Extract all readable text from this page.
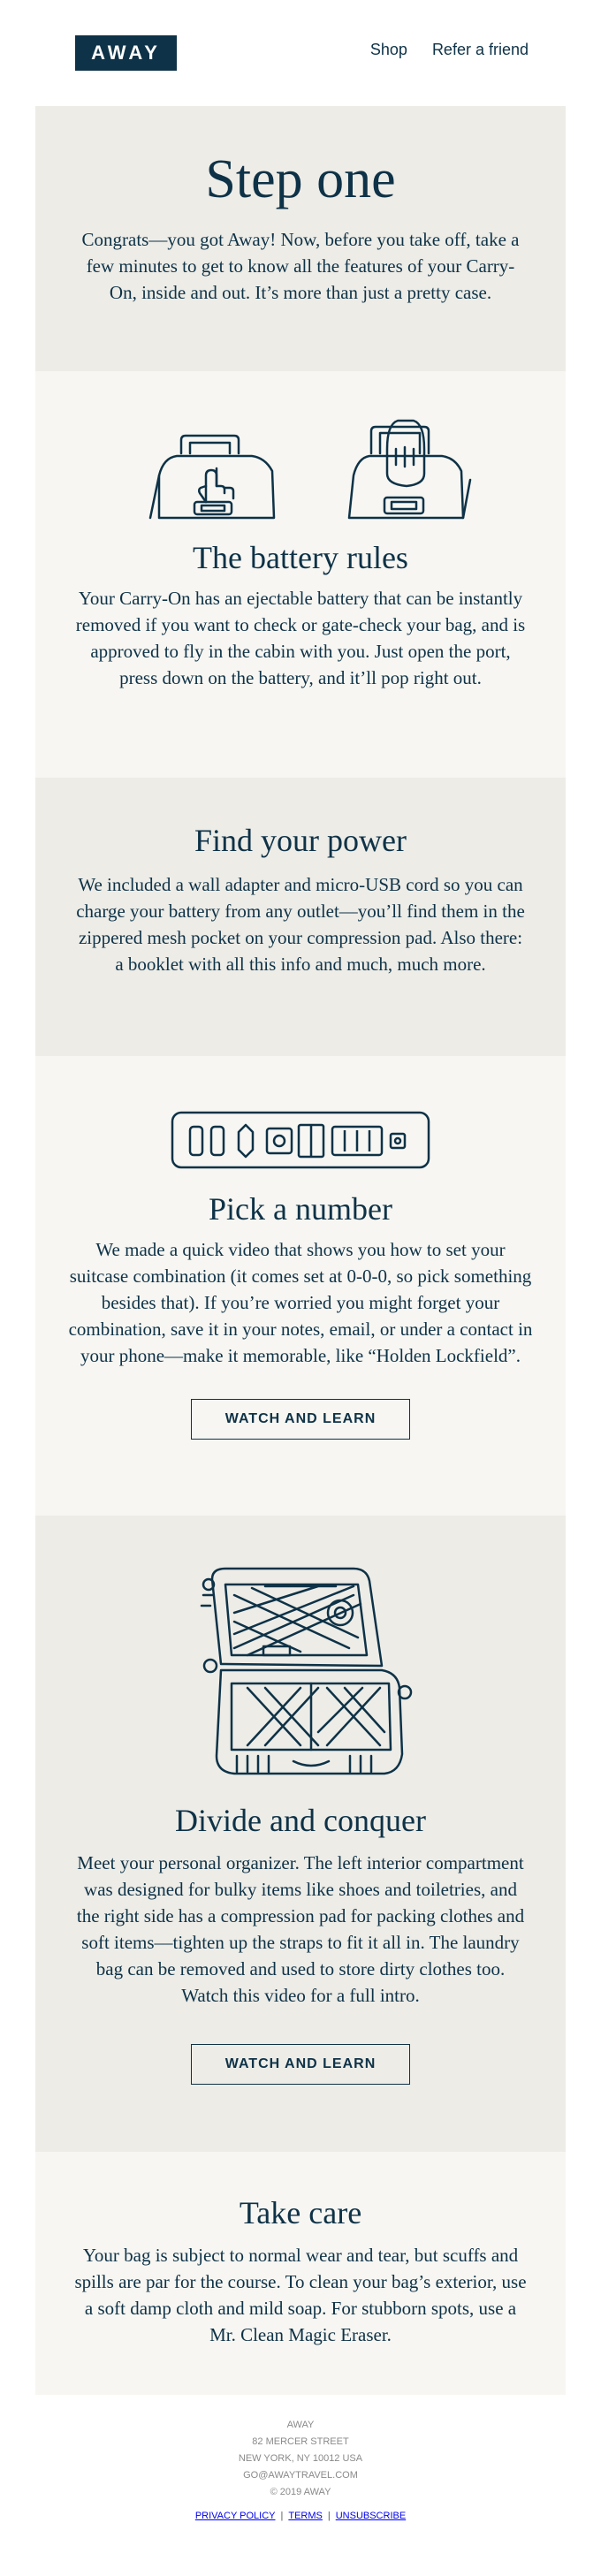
AWAY	Shop Refer a friend
Step one

Congrats—you got Away! Now, before you take off, take a few minutes to get to know all the features of your Carry-On, inside and out. It’s more than just a pretty case.

The battery rules

Your Carry-On has an ejectable battery that can be instantly removed if you want to check or gate-check your bag, and is approved to fly in the cabin with you. Just open the port, press down on the battery, and it’ll pop right out.

Find your power

We included a wall adapter and micro-USB cord so you can charge your battery from any outlet—you’ll find them in the zippered mesh pocket on your compression pad. Also there: a booklet with all this info and much, much more.

Pick a number

We made a quick video that shows you how to set your suitcase combination (it comes set at 0-0-0, so pick something besides that). If you’re worried you might forget your combination, save it in your notes, email, or under a contact in your phone—make it memorable, like “Holden Lockfield”.

WATCH AND LEARN
Divide and conquer

Meet your personal organizer. The left interior compartment was designed for bulky items like shoes and toiletries, and the right side has a compression pad for packing clothes and soft items—tighten up the straps to fit it all in. The laundry bag can be removed and used to store dirty clothes too. Watch this video for a full intro.

WATCH AND LEARN
Take care

Your bag is subject to normal wear and tear, but scuffs and spills are par for the course. To clean your bag’s exterior, use a soft damp cloth and mild soap. For stubborn spots, use a Mr. Clean Magic Eraser.

AWAY
82 MERCER STREET
NEW YORK, NY 10012 USA
GO@AWAYTRAVEL.COM
© 2019 AWAY
PRIVACY POLICY | TERMS | UNSUBSCRIBE
